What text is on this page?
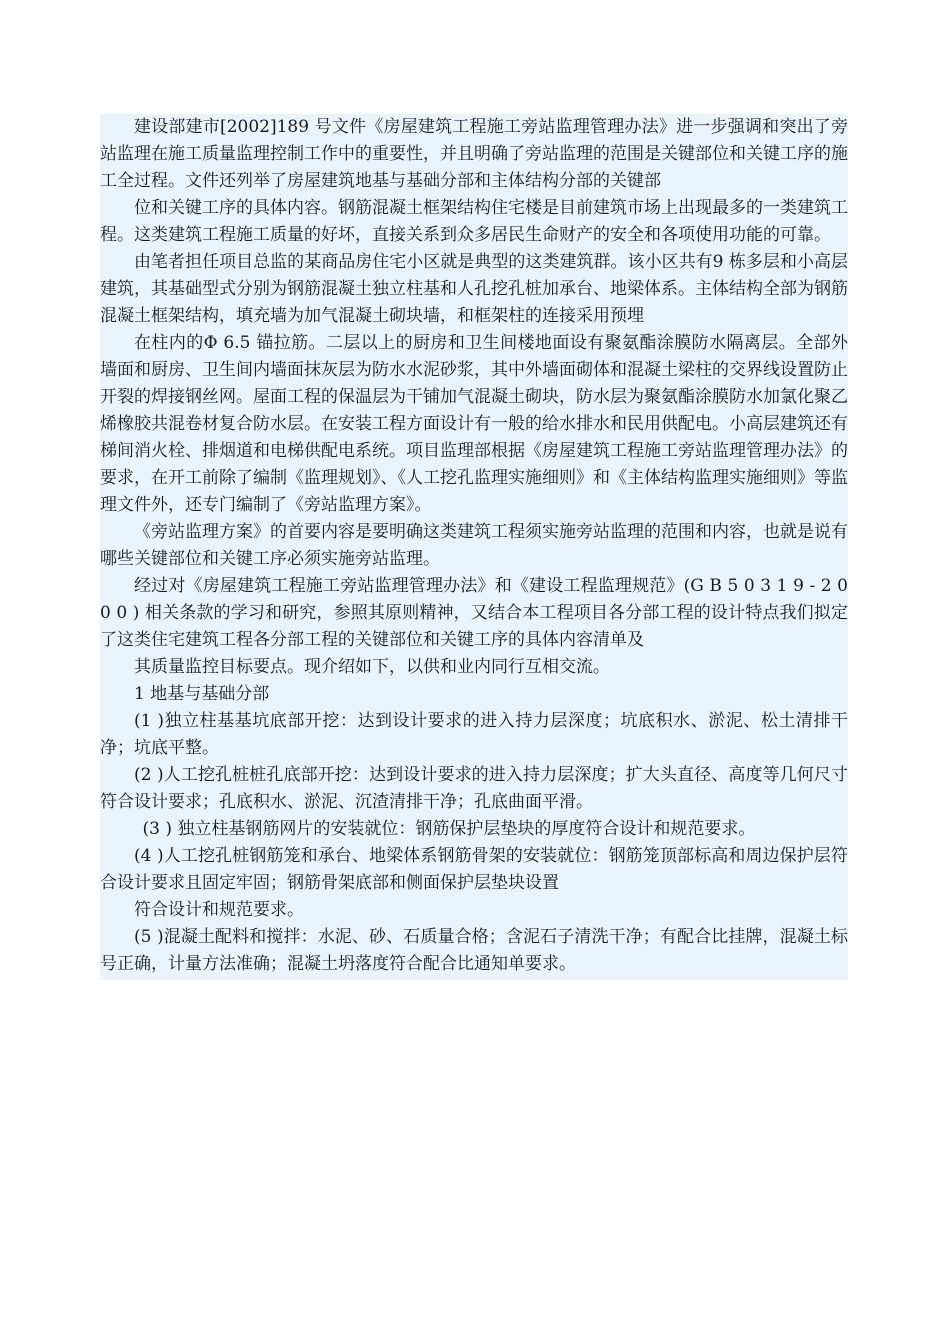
建设部建市[2002]189 号文件《房屋建筑工程施工旁站监理管理办法》进一步强调和突出了旁站监理在施工质量监理控制工作中的重要性，并且明确了旁站监理的范围是关键部位和关键工序的施工全过程。文件还列举了房屋建筑地基与基础分部和主体结构分部的关键部

位和关键工序的具体内容。钢筋混凝土框架结构住宅楼是目前建筑市场上出现最多的一类建筑工程。这类建筑工程施工质量的好坏，直接关系到众多居民生命财产的安全和各项使用功能的可靠。

由笔者担任项目总监的某商品房住宅小区就是典型的这类建筑群。该小区共有9 栋多层和小高层建筑，其基础型式分别为钢筋混凝土独立柱基和人孔挖孔桩加承台、地梁体系。主体结构全部为钢筋混凝土框架结构，填充墙为加气混凝土砌块墙，和框架柱的连接采用预埋

在柱内的Φ 6.5 锚拉筋。二层以上的厨房和卫生间楼地面设有聚氨酯涂膜防水隔离层。全部外墙面和厨房、卫生间内墙面抹灰层为防水水泥砂浆，其中外墙面砌体和混凝土梁柱的交界线设置防止开裂的焊接钢丝网。屋面工程的保温层为干铺加气混凝土砌块，防水层为聚氨酯涂膜防水加氯化聚乙烯橡胶共混卷材复合防水层。在安装工程方面设计有一般的给水排水和民用供配电。小高层建筑还有梯间消火栓、排烟道和电梯供配电系统。项目监理部根据《房屋建筑工程施工旁站监理管理办法》的要求，在开工前除了编制《监理规划》、《人工挖孔监理实施细则》和《主体结构监理实施细则》等监理文件外，还专门编制了《旁站监理方案》。

《旁站监理方案》的首要内容是要明确这类建筑工程须实施旁站监理的范围和内容，也就是说有哪些关键部位和关键工序必须实施旁站监理。

经过对《房屋建筑工程施工旁站监理管理办法》和《建设工程监理规范》(G B 5 0 3 1 9 - 2 00 0 ) 相关条款的学习和研究，参照其原则精神，又结合本工程项目各分部工程的设计特点我们拟定了这类住宅建筑工程各分部工程的关键部位和关键工序的具体内容清单及

其质量监控目标要点。现介绍如下，以供和业内同行互相交流。

1 地基与基础分部

(1 )独立柱基基坑底部开挖：达到设计要求的进入持力层深度；坑底积水、淤泥、松土清排干净；坑底平整。

(2 )人工挖孔桩桩孔底部开挖：达到设计要求的进入持力层深度；扩大头直径、高度等几何尺寸符合设计要求；孔底积水、淤泥、沉渣清排干净；孔底曲面平滑。

(3 ) 独立柱基钢筋网片的安装就位：钢筋保护层垫块的厚度符合设计和规范要求。

(4 )人工挖孔桩钢筋笼和承台、地梁体系钢筋骨架的安装就位：钢筋笼顶部标高和周边保护层符合设计要求且固定牢固；钢筋骨架底部和侧面保护层垫块设置

符合设计和规范要求。

(5 )混凝土配料和搅拌：水泥、砂、石质量合格；含泥石子清洗干净；有配合比挂牌，混凝土标号正确，计量方法准确；混凝土坍落度符合配合比通知单要求。
